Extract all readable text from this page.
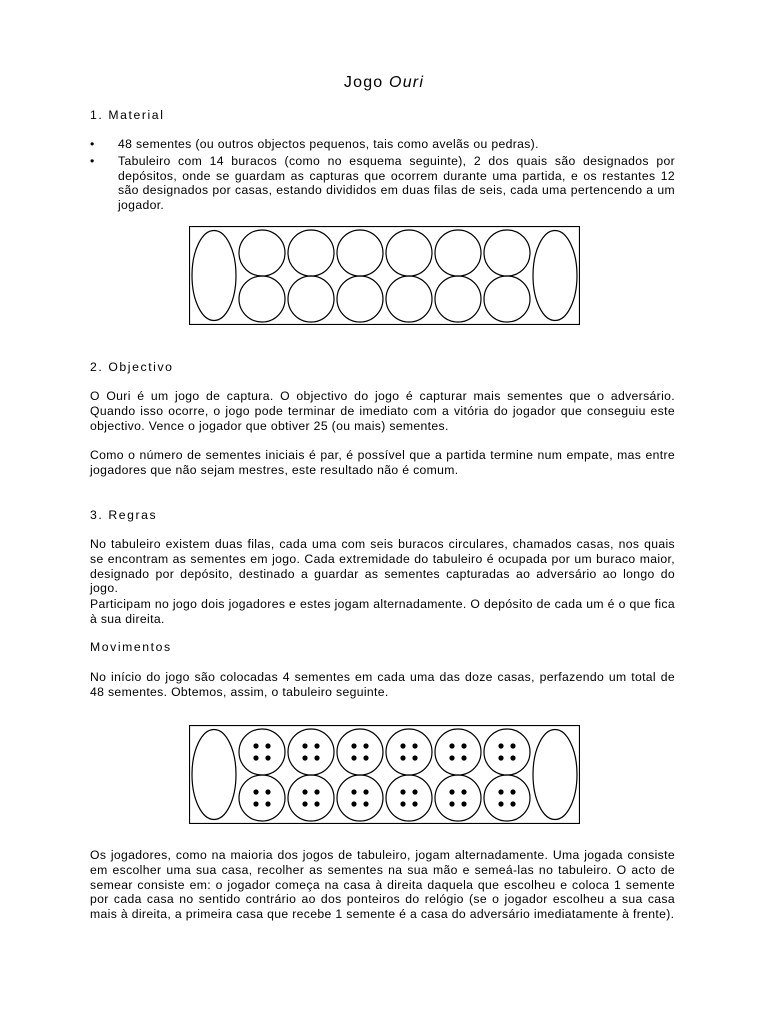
Jogo Ouri
1. Material
• 48 sementes (ou outros objectos pequenos, tais como avelãs ou pedras).
• Tabuleiro com 14 buracos (como no esquema seguinte), 2 dos quais são designados por depósitos, onde se guardam as capturas que ocorrem durante uma partida, e os restantes 12 são designados por casas, estando divididos em duas filas de seis, cada uma pertencendo a um jogador.
2. Objectivo

O Ouri é um jogo de captura. O objectivo do jogo é capturar mais sementes que o adversário. Quando isso ocorre, o jogo pode terminar de imediato com a vitória do jogador que conseguiu este objectivo. Vence o jogador que obtiver 25 (ou mais) sementes.

Como o número de sementes iniciais é par, é possível que a partida termine num empate, mas entre jogadores que não sejam mestres, este resultado não é comum.

3. Regras

No tabuleiro existem duas filas, cada uma com seis buracos circulares, chamados casas, nos quais se encontram as sementes em jogo. Cada extremidade do tabuleiro é ocupada por um buraco maior, designado por depósito, destinado a guardar as sementes capturadas ao adversário ao longo do jogo.

Participam no jogo dois jogadores e estes jogam alternadamente. O depósito de cada um é o que fica à sua direita.

Movimentos

No início do jogo são colocadas 4 sementes em cada uma das doze casas, perfazendo um total de 48 sementes. Obtemos, assim, o tabuleiro seguinte.

Os jogadores, como na maioria dos jogos de tabuleiro, jogam alternadamente. Uma jogada consiste em escolher uma sua casa, recolher as sementes na sua mão e semeá-las no tabuleiro. O acto de semear consiste em: o jogador começa na casa à direita daquela que escolheu e coloca 1 semente por cada casa no sentido contrário ao dos ponteiros do relógio (se o jogador escolheu a sua casa mais à direita, a primeira casa que recebe 1 semente é a casa do adversário imediatamente à frente).
